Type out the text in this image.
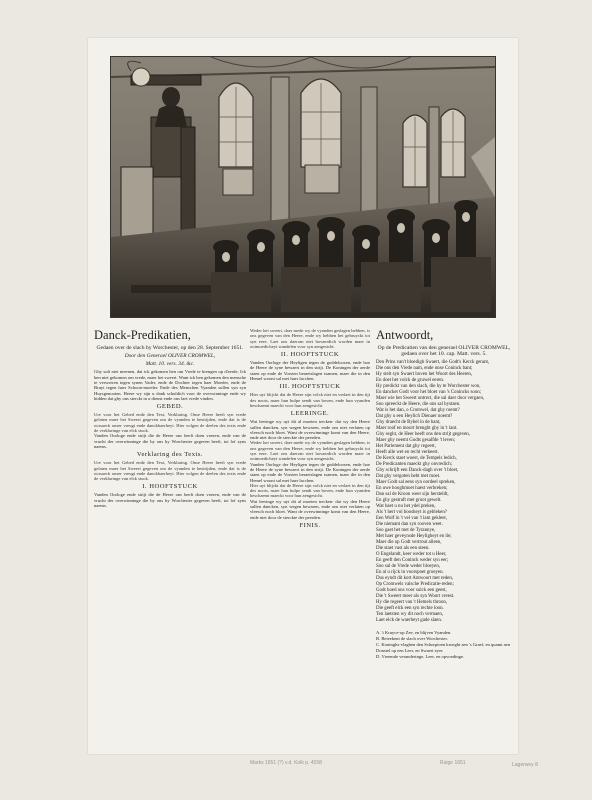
Danck-Predikatien,
Gedaen over de slach by Worchester, op den 28. September 1651.
Door den Generael OLIVER CROMWEL,
Matt. 10. vers. 34. &c.

Ghy sult niet meenen, dat ick gekomen ben om Vrede te brengen op d'aerde, Ick ben niet gekomen om vrede, maer het sweert. Want ick ben gekomen den mensche te verwerren tegen synen Vader, ende de Dochter tegen haer Moeder, ende de Bruyt tegen haer Schoon-moeder. Ende des Menschen Vyanden sullen syn syn Huysgenooten. Heere wy sijn u dank schuldich voor de overwinninge ende wy bidden dat ghy ons sterckt in u dienst ende ons laet vrede vinden.

GEBED.

Ure voor het Gebed ende den Text, Verklaring. Onse Heere heeft syn vrede gelaten maer het Sweert gegeven om de vyanden te bestrijden, ende dat is de oorsaeck onser vreugt ende danckbaerheyt. Hier volgen de deelen des texts ende de verklaringe van elck stuck.

Vanden Oorloge ende strijt die de Heere ons heeft doen voeren, ende van de vrucht der overwinninge die hy ons by Worchester gegeven heeft, tot lof zyns naems.

Verklaring des Texts.

Ure voor het Gebed ende den Text, Verklaring. Onse Heere heeft syn vrede gelaten maer het Sweert gegeven om de vyanden te bestrijden, ende dat is de oorsaeck onser vreugt ende danckbaerheyt. Hier volgen de deelen des texts ende de verklaringe van elck stuck.

I. HOOFTSTUCK

Vanden Oorloge ende strijt die de Heere ons heeft doen voeren, ende van de vrucht der overwinninge die hy ons by Worchester gegeven heeft, tot lof zyns naems.

Weder het sweert, daer mede wy de vyanden geslagen hebben, is ons gegeven van den Heere, ende wy hebben het gebruyckt tot syn eere. Laet ons daerom niet hovaerdich worden maer in ootmoedicheyt wandelen voor syn aengesicht.

II. HOOFTSTUCK

Vanden Oorloge der Heyligen tegen de goddeloosen, ende hoe de Heere de syne bewaert in den strijt. De Koningen der aerde staen op ende de Vorsten beraetslagen tsamen, maer die in den Hemel woont sal met haer lacchen.

III. HOOFTSTUCK

Hier uyt blijckt dat de Heere sijn volck niet en verlaet in den tijt des noots, maer hun hulpe sendt van boven, ende hun vyanden beschaemt maeckt voor hun aengesicht.

LEERINGE.

Wat leeringe wy uyt dit al moeten trecken: dat wy den Heere sullen dancken, syn wegen bewaren, ende ons niet verlaten op vleesch noch bloet. Want de overwinninge komt van den Heere, ende niet door de sterckte der peerden.

Weder het sweert, daer mede wy de vyanden geslagen hebben, is ons gegeven van den Heere, ende wy hebben het gebruyckt tot syn eere. Laet ons daerom niet hovaerdich worden maer in ootmoedicheyt wandelen voor syn aengesicht.

Vanden Oorloge der Heyligen tegen de goddeloosen, ende hoe de Heere de syne bewaert in den strijt. De Koningen der aerde staen op ende de Vorsten beraetslagen tsamen, maer die in den Hemel woont sal met haer lacchen.

Hier uyt blijckt dat de Heere sijn volck niet en verlaet in den tijt des noots, maer hun hulpe sendt van boven, ende hun vyanden beschaemt maeckt voor hun aengesicht.

Wat leeringe wy uyt dit al moeten trecken: dat wy den Heere sullen dancken, syn wegen bewaren, ende ons niet verlaten op vleesch noch bloet. Want de overwinninge komt van den Heere, ende niet door de sterckte der peerden.

FINIS.
Antwoordt,
Op de Predicatien van den generael OLIVER CROMWEL, gedaen over het 10. cap. Matt. vers. 5.
Den Prins van't bloedigh Swaert, die Godt's Kerck gerant,
Die ons den Vrede nam, ende onse Coninck bant;
Hy stelt syn Swaert boven het Woort des Heeren,
En doet het volck de gruwel eeren.
Hy predickt van den slach, die hy te Worchester won,
En dancket Godt voor het bloet van 's Conincks soon;
Maer wie het Sweert ontrect, die sal daer door vergaen,
Soo spreeckt de Heere, die ons sal bystaen.
Wat is het dan, o Cromwel, dat ghy roemt?
Dat ghy u een Heylich Dienaer noemt?
Ghy draecht de Bybel in de hant,
Maer roof en moort brenght ghy in 't lant.
Ghy seght, de Heer heeft ons den strijt gegeven,
Maer ghy neemt Godts gesalfde 't leven;
Het Parlement dat ghy regeert,
Heeft alle wet en recht verkeert.
De Kerck staet woest, de Tempels ledich,
De Predicanten maeckt ghy onvredich;
Ghy schrijft een Danck-dagh over 't bloet,
Dat ghy vergoten hebt met moet.
Maer Godt sal eens syn oordeel spreken,
En uwe hooghmoet haest verbreken;
Dan sal de Kroon weer sijn hersteldt,
En ghy gestraft met groot gewelt.
Wat baet u nu het ydel preken,
Als 't hert vol boosheyt is gebleken?
Een Wolf in 't vel van 't lam gekleet,
Die niemant dan syn rooven weet.
Soo gaet het met de Tyrannye,
Met haer geveynsde Heyligheyt en lie;
Maer die op Godt vertrout alleen,
Die staet vast als een steen.
O Engelandt, keer weder tot u Heer,
En geeft den Coninck weder syn eer;
Soo sal de Vrede weder bloeyen,
En al u rijck in voorspoet groeyen.
Dus eyndt dit kort Antwoort met reden,
Op Cromwels valsche Predicatie-reden;
Godt hoed ons voor sulck een geest,
Die 't Sweert meer als syn Woort vreest.
Hy die regeert van 't Hemels throon,
Die geeft elck een syn rechte loon.
Ten laetsten wy dit noch vermaen,
Laet elck de waerheyt gade slaen.
A. 't Kruyce-op Zee, en blijven Vyanden.
B. Beteekent de slach over Worchester.
C. Koninghs-vlaghen den Schorpioen kroeght aen 's Graef, en quamt aen Donstel op een Leer, en Swaert eyer.
D. Vreemde veranderinge, Leer, en opvoedinge.
Marks 1651 (?) v.d. Kolk p. 4558	Ruige 1651	Lagerwey 8
